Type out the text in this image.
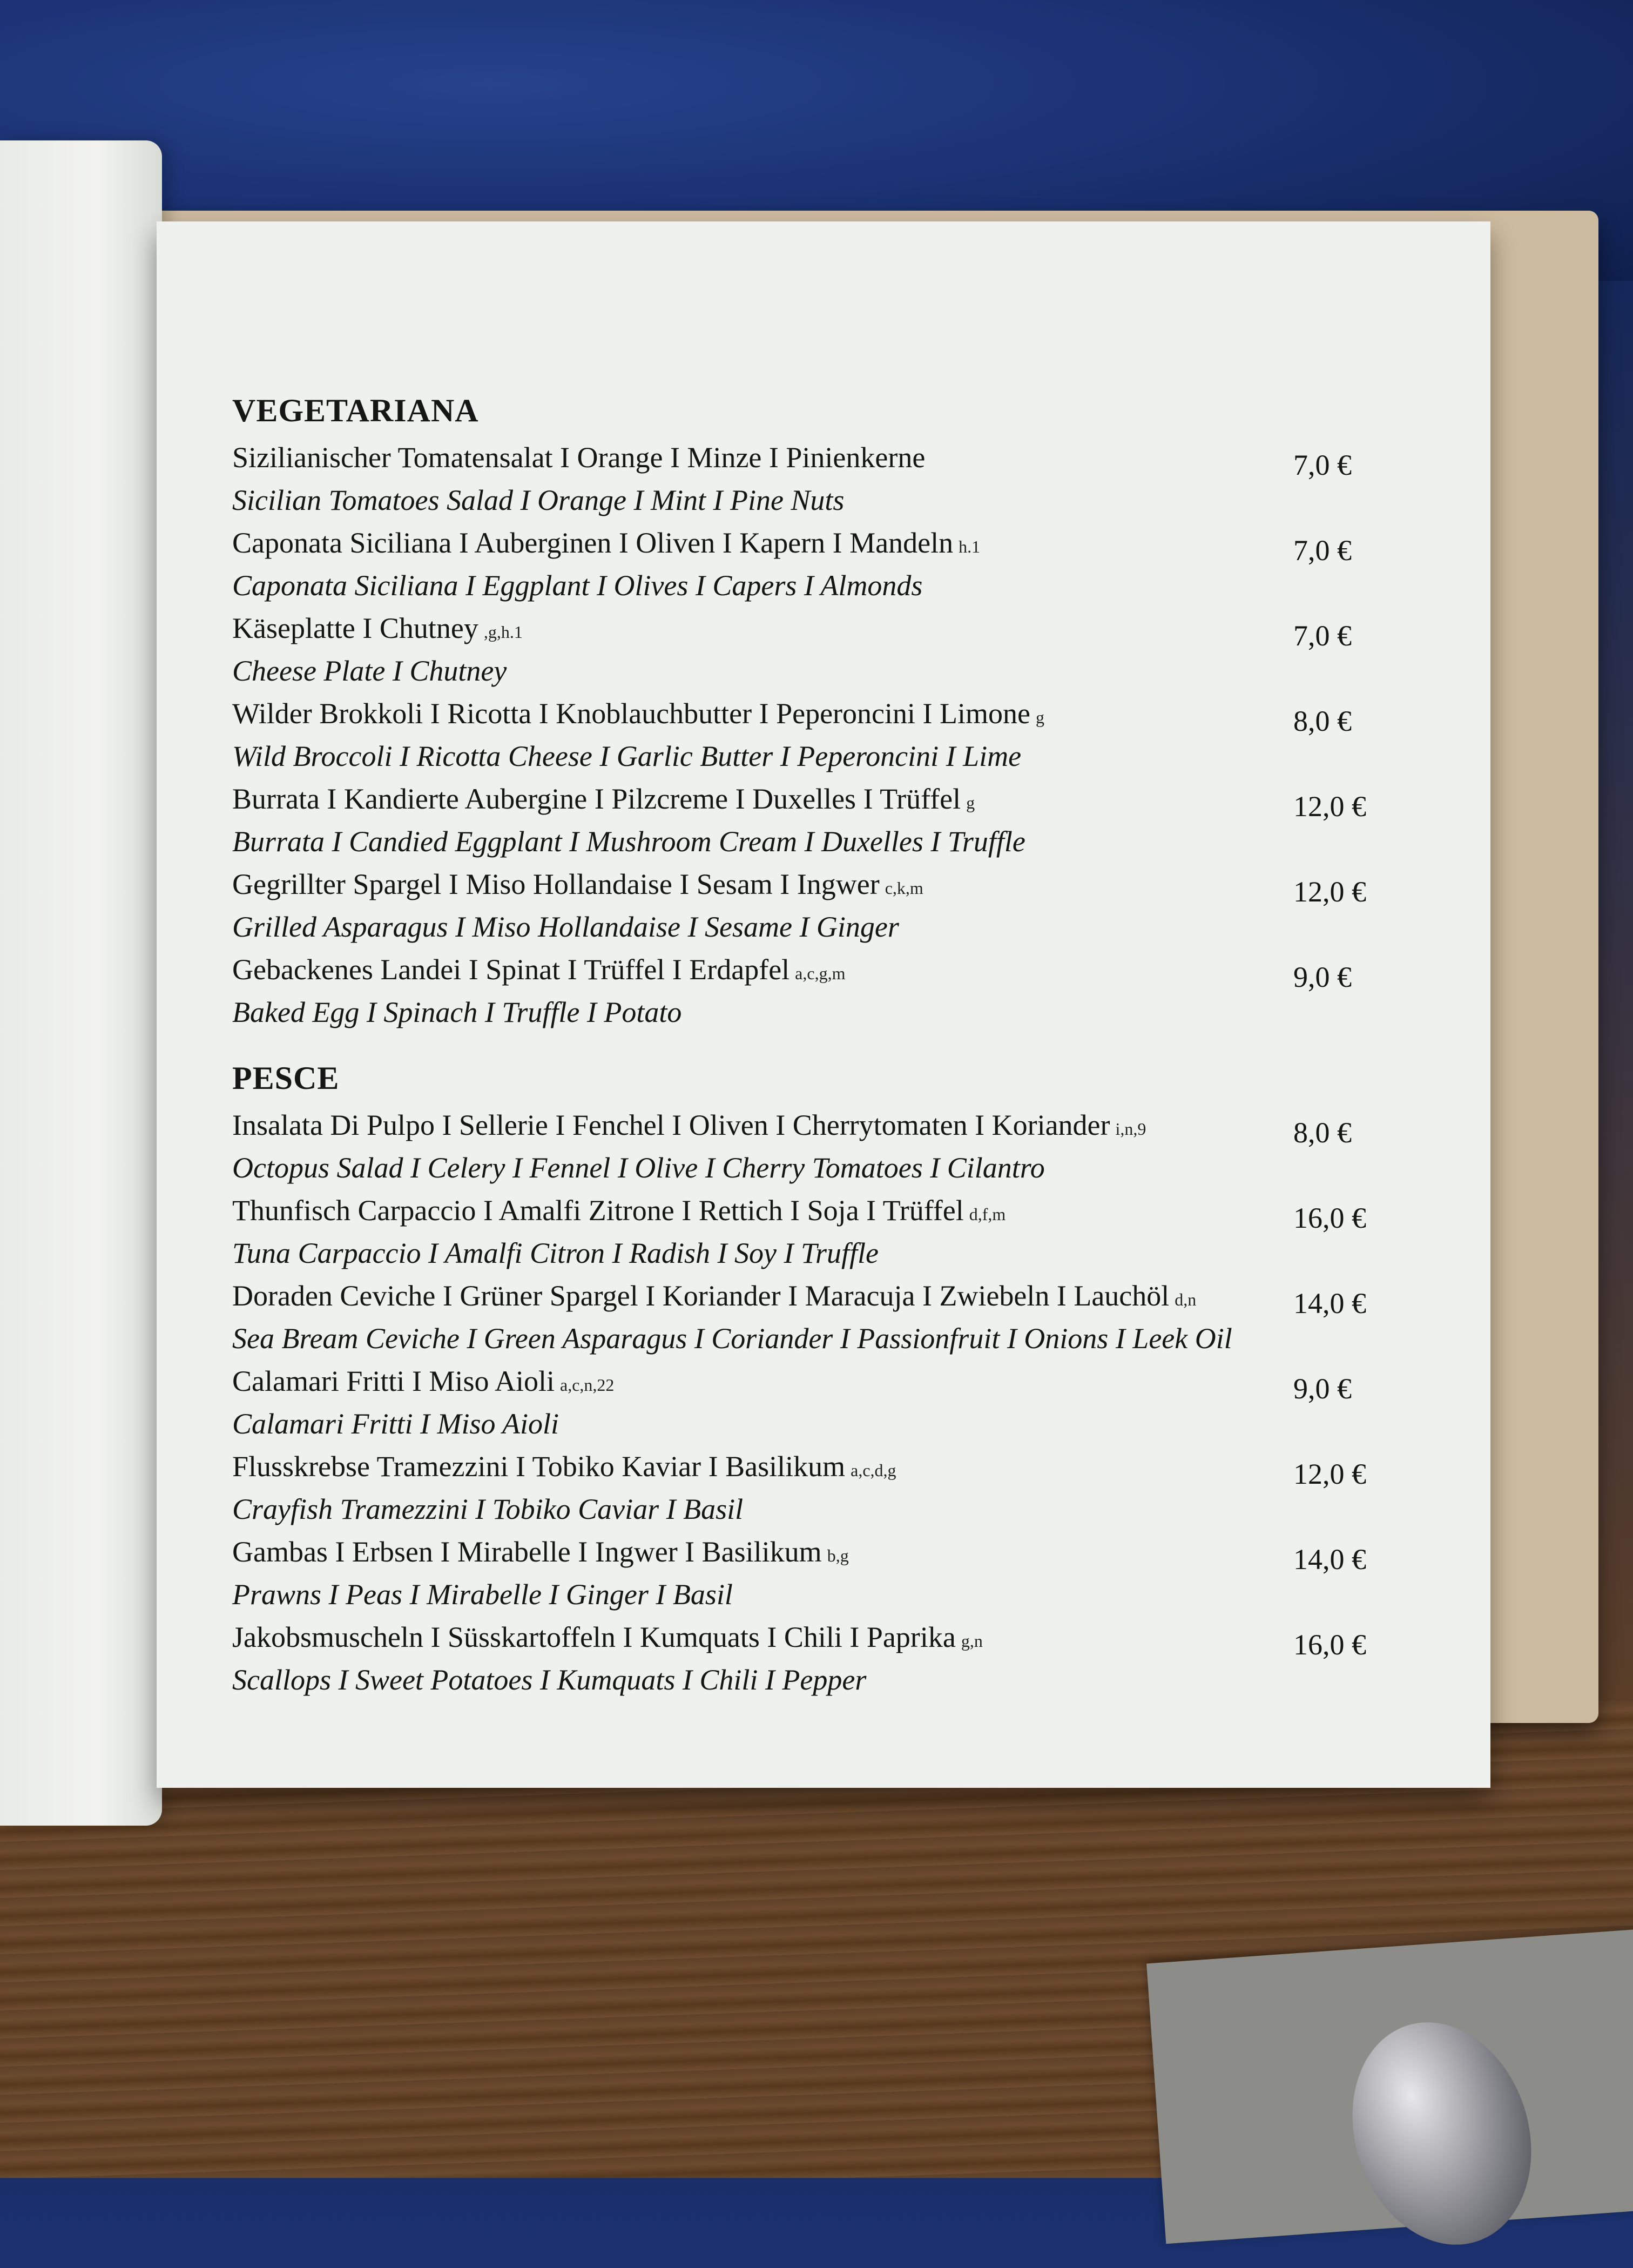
VEGETARIANA
Sizilianischer Tomatensalat I Orange I Minze I Pinienkerne
Sicilian Tomatoes Salad I Orange I Mint I Pine Nuts
7,0 €
Caponata Siciliana I Auberginen I Oliven I Kapern I Mandeln h.1
Caponata Siciliana I Eggplant I Olives I Capers I Almonds
7,0 €
Käseplatte I Chutney ,g,h.1
Cheese Plate I Chutney
7,0 €
Wilder Brokkoli I Ricotta I Knoblauchbutter I Peperoncini I Limone g
Wild Broccoli I Ricotta Cheese I Garlic Butter I Peperoncini I Lime
8,0 €
Burrata I Kandierte Aubergine I Pilzcreme I Duxelles I Trüffel g
Burrata I Candied Eggplant I Mushroom Cream I Duxelles I Truffle
12,0 €
Gegrillter Spargel I Miso Hollandaise I Sesam I Ingwer c,k,m
Grilled Asparagus I Miso Hollandaise I Sesame I Ginger
12,0 €
Gebackenes Landei I Spinat I Trüffel I Erdapfel a,c,g,m
Baked Egg I Spinach I Truffle I Potato
9,0 €
PESCE
Insalata Di Pulpo I Sellerie I Fenchel I Oliven I Cherrytomaten I Koriander i,n,9
Octopus Salad I Celery I Fennel I Olive I Cherry Tomatoes I Cilantro
8,0 €
Thunfisch Carpaccio I Amalfi Zitrone I Rettich I Soja I Trüffel d,f,m
Tuna Carpaccio I Amalfi Citron I Radish I Soy I Truffle
16,0 €
Doraden Ceviche I Grüner Spargel I Koriander I Maracuja I Zwiebeln I Lauchöl d,n
Sea Bream Ceviche I Green Asparagus I Coriander I Passionfruit I Onions I Leek Oil
14,0 €
Calamari Fritti I Miso Aioli a,c,n,22
Calamari Fritti I Miso Aioli
9,0 €
Flusskrebse Tramezzini I Tobiko Kaviar I Basilikum a,c,d,g
Crayfish Tramezzini I Tobiko Caviar I Basil
12,0 €
Gambas I Erbsen I Mirabelle I Ingwer I Basilikum b,g
Prawns I Peas I Mirabelle I Ginger I Basil
14,0 €
Jakobsmuscheln I Süsskartoffeln I Kumquats I Chili I Paprika g,n
Scallops I Sweet Potatoes I Kumquats I Chili I Pepper
16,0 €
